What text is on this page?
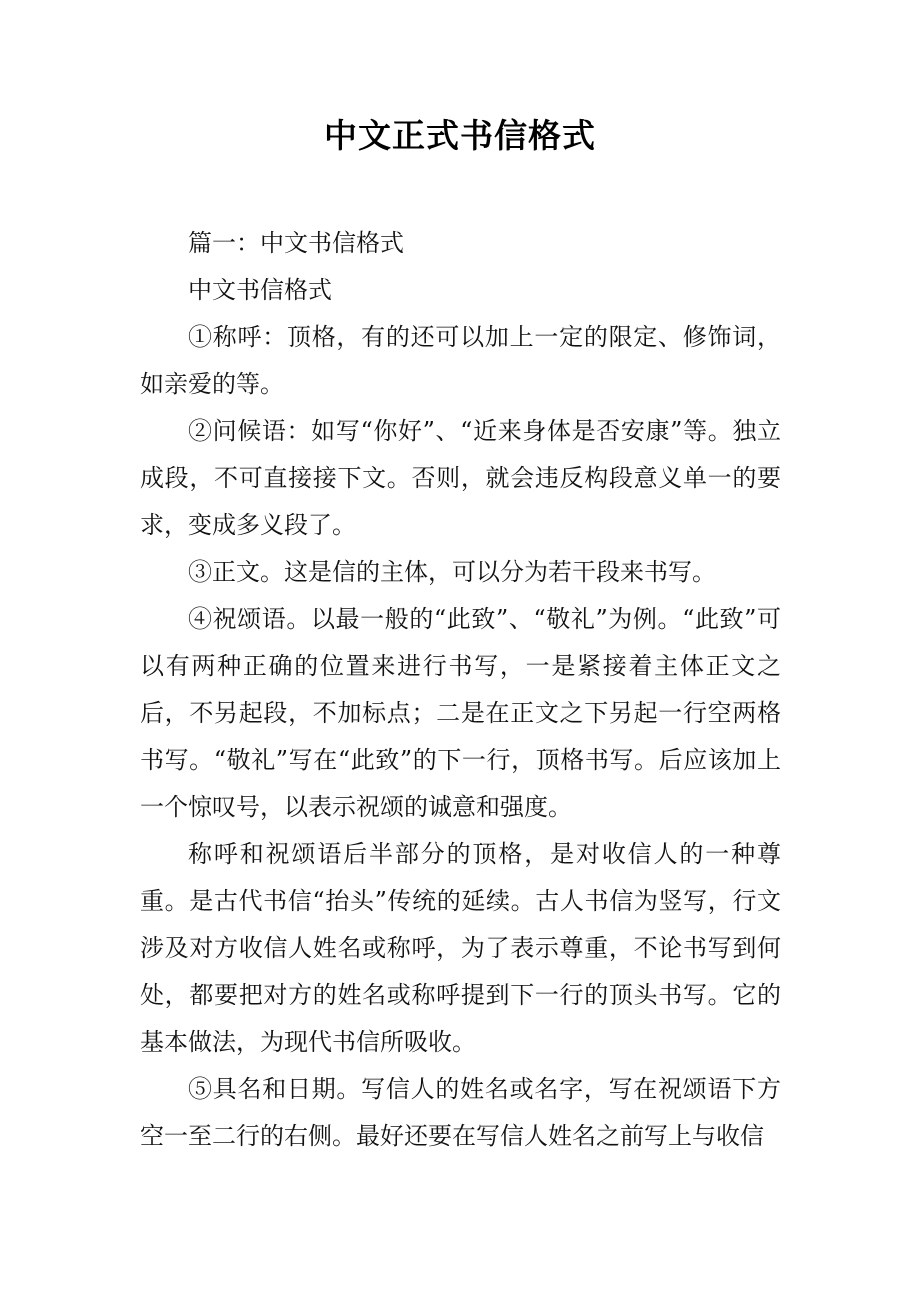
中文正式书信格式

篇一：中文书信格式

中文书信格式

①称呼：顶格，有的还可以加上一定的限定、修饰词，如亲爱的等。

②问候语：如写“你好”、“近来身体是否安康”等。独立成段，不可直接接下文。否则，就会违反构段意义单一的要求，变成多义段了。

③正文。这是信的主体，可以分为若干段来书写。

④祝颂语。以最一般的“此致”、“敬礼”为例。“此致”可以有两种正确的位置来进行书写，一是紧接着主体正文之后，不另起段，不加标点；二是在正文之下另起一行空两格书写。“敬礼”写在“此致”的下一行，顶格书写。后应该加上一个惊叹号，以表示祝颂的诚意和强度。

称呼和祝颂语后半部分的顶格，是对收信人的一种尊重。是古代书信“抬头”传统的延续。古人书信为竖写，行文涉及对方收信人姓名或称呼，为了表示尊重，不论书写到何处，都要把对方的姓名或称呼提到下一行的顶头书写。它的基本做法，为现代书信所吸收。

⑤具名和日期。写信人的姓名或名字，写在祝颂语下方空一至二行的右侧。最好还要在写信人姓名之前写上与收信
